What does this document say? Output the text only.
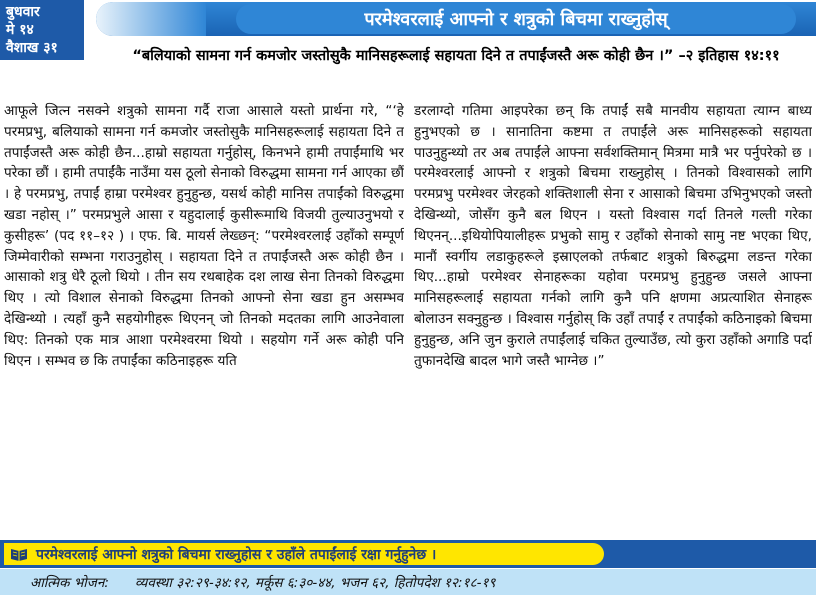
बुधवार
मे १४
वैशाख ३१
परमेश्वरलाई आफ्नो र शत्रुको बिचमा राख्नुहोस्
“बलियाको सामना गर्न कमजोर जस्तोसुकै मानिसहरूलाई सहायता दिने त तपाईंजस्तै अरू कोही छैन ।” –२ इतिहास १४:११

आफूले जित्न नसक्ने शत्रुको सामना गर्दै राजा आसाले यस्तो प्रार्थना गरे, “‘हे परमप्रभु, बलियाको सामना गर्न कमजोर जस्तोसुकै मानिसहरूलाई सहायता दिने त तपाईंजस्तै अरू कोही छैन...हाम्रो सहायता गर्नुहोस्, किनभने हामी तपाईंमाथि भर परेका छौं । हामी तपाईंकै नाउँमा यस ठूलो सेनाको विरुद्धमा सामना गर्न आएका छौं । हे परमप्रभु, तपाईं हाम्रा परमेश्वर हुनुहुन्छ, यसर्थ कोही मानिस तपाईंको विरुद्धमा खडा नहोस् ।” परमप्रभुले आसा र यहुदालाई कुसीरूमाथि विजयी तुल्याउनुभयो र कुसीहरू’ (पद ११–१२ ) । एफ. बि. मायर्स लेख्छन्: “परमेश्वरलाई उहाँको सम्पूर्ण जिम्मेवारीको सम्भना गराउनुहोस् । सहायता दिने त तपाईंजस्तै अरू कोही छैन । आसाको शत्रु धेरै ठूलो थियो । तीन सय रथबाहेक दश लाख सेना तिनको विरुद्धमा थिए । त्यो विशाल सेनाको विरुद्धमा तिनको आफ्नो सेना खडा हुन असम्भव देखिन्थ्यो । त्यहाँ कुनै सहयोगीहरू थिएनन् जो तिनको मदतका लागि आउनेवाला थिए: तिनको एक मात्र आशा परमेश्वरमा थियो । सहयोग गर्ने अरू कोही पनि थिएन । सम्भव छ कि तपाईंका कठिनाइहरू यति

डरलाग्दो गतिमा आइपरेका छन् कि तपाईं सबै मानवीय सहायता त्याग्न बाध्य हुनुभएको छ । सानातिना कष्टमा त तपाईंले अरू मानिसहरूको सहायता पाउनुहुन्थ्यो तर अब तपाईंले आफ्ना सर्वशक्तिमान् मित्रमा मात्रै भर पर्नुपरेको छ । परमेश्वरलाई आफ्नो र शत्रुको बिचमा राख्नुहोस् । तिनको विश्वासको लागि परमप्रभु परमेश्वर जेरहको शक्तिशाली सेना र आसाको बिचमा उभिनुभएको जस्तो देखिन्थ्यो, जोसँग कुनै बल थिएन । यस्तो विश्वास गर्दा तिनले गल्ती गरेका थिएनन्...इथियोपियालीहरू प्रभुको सामु र उहाँको सेनाको सामु नष्ट भएका थिए, मानौं स्वर्गीय लडाकुहरूले इस्राएलको तर्फबाट शत्रुको बिरुद्धमा लडन्त गरेका थिए...हाम्रो परमेश्वर सेनाहरूका यहोवा परमप्रभु हुनुहुन्छ जसले आफ्ना मानिसहरूलाई सहायता गर्नको लागि कुनै पनि क्षणमा अप्रत्याशित सेनाहरू बोलाउन सक्नुहुन्छ । विश्वास गर्नुहोस् कि उहाँ तपाईं र तपाईंको कठिनाइको बिचमा हुनुहुन्छ, अनि जुन कुराले तपाईंलाई चकित तुल्याउँछ, त्यो कुरा उहाँको अगाडि पर्दा तुफानदेखि बादल भागे जस्तै भाग्नेछ ।”

परमेश्वरलाई आफ्नो शत्रुको बिचमा राख्नुहोस र उहाँले तपाईंलाई रक्षा गर्नुहुनेछ ।
आत्मिक भोजन: व्यवस्था ३२:२९-३४:१२, मर्कूस ६:३०-४४, भजन ६२, हितोपदेश १२:१८-१९
